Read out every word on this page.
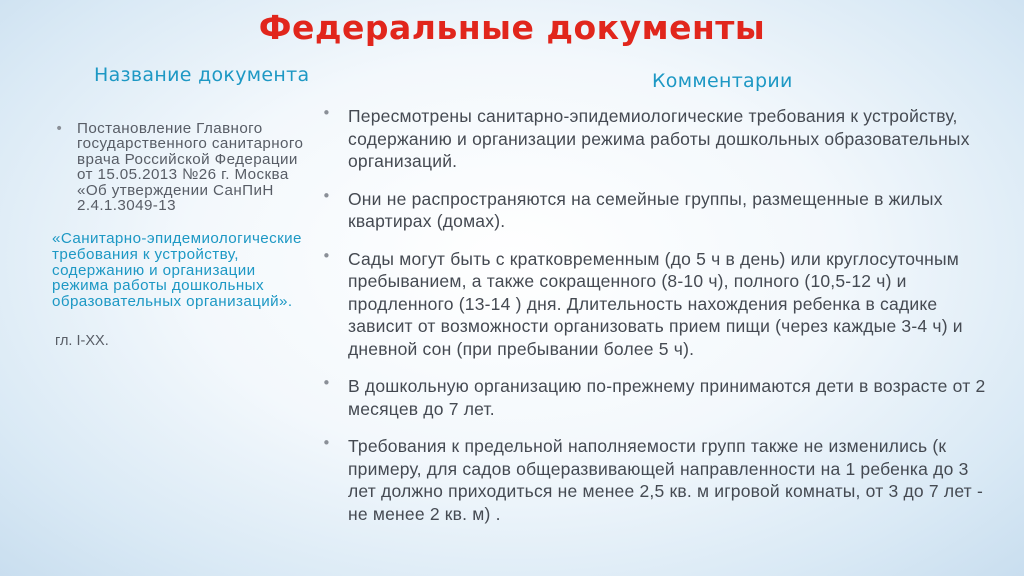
Федеральные документы
Название документа	Комментарии
• Постановление Главного государственного санитарного врача Российской Федерации от 15.05.2013 №26 г. Москва «Об утверждении СанПиН 2.4.1.3049-13
«Санитарно-эпидемиологические требования к устройству, содержанию и организации режима работы дошкольных образовательных организаций».
гл. I-XX.
• Пересмотрены санитарно-эпидемиологические требования к устройству, содержанию и организации режима работы дошкольных образовательных организаций.
• Они не распространяются на семейные группы, размещенные в жилых квартирах (домах).
• Сады могут быть с кратковременным (до 5 ч в день) или круглосуточным пребыванием, а также сокращенного (8-10 ч), полного (10,5-12 ч) и продленного (13-14 ) дня. Длительность нахождения ребенка в садике зависит от возможности организовать прием пищи (через каждые 3-4 ч) и дневной сон (при пребывании более 5 ч).
• В дошкольную организацию по-прежнему принимаются дети в возрасте от 2 месяцев до 7 лет.
• Требования к предельной наполняемости групп также не изменились (к примеру, для садов общеразвивающей направленности на 1 ребенка до 3 лет должно приходиться не менее 2,5 кв. м игровой комнаты, от 3 до 7 лет - не менее 2 кв. м) .
